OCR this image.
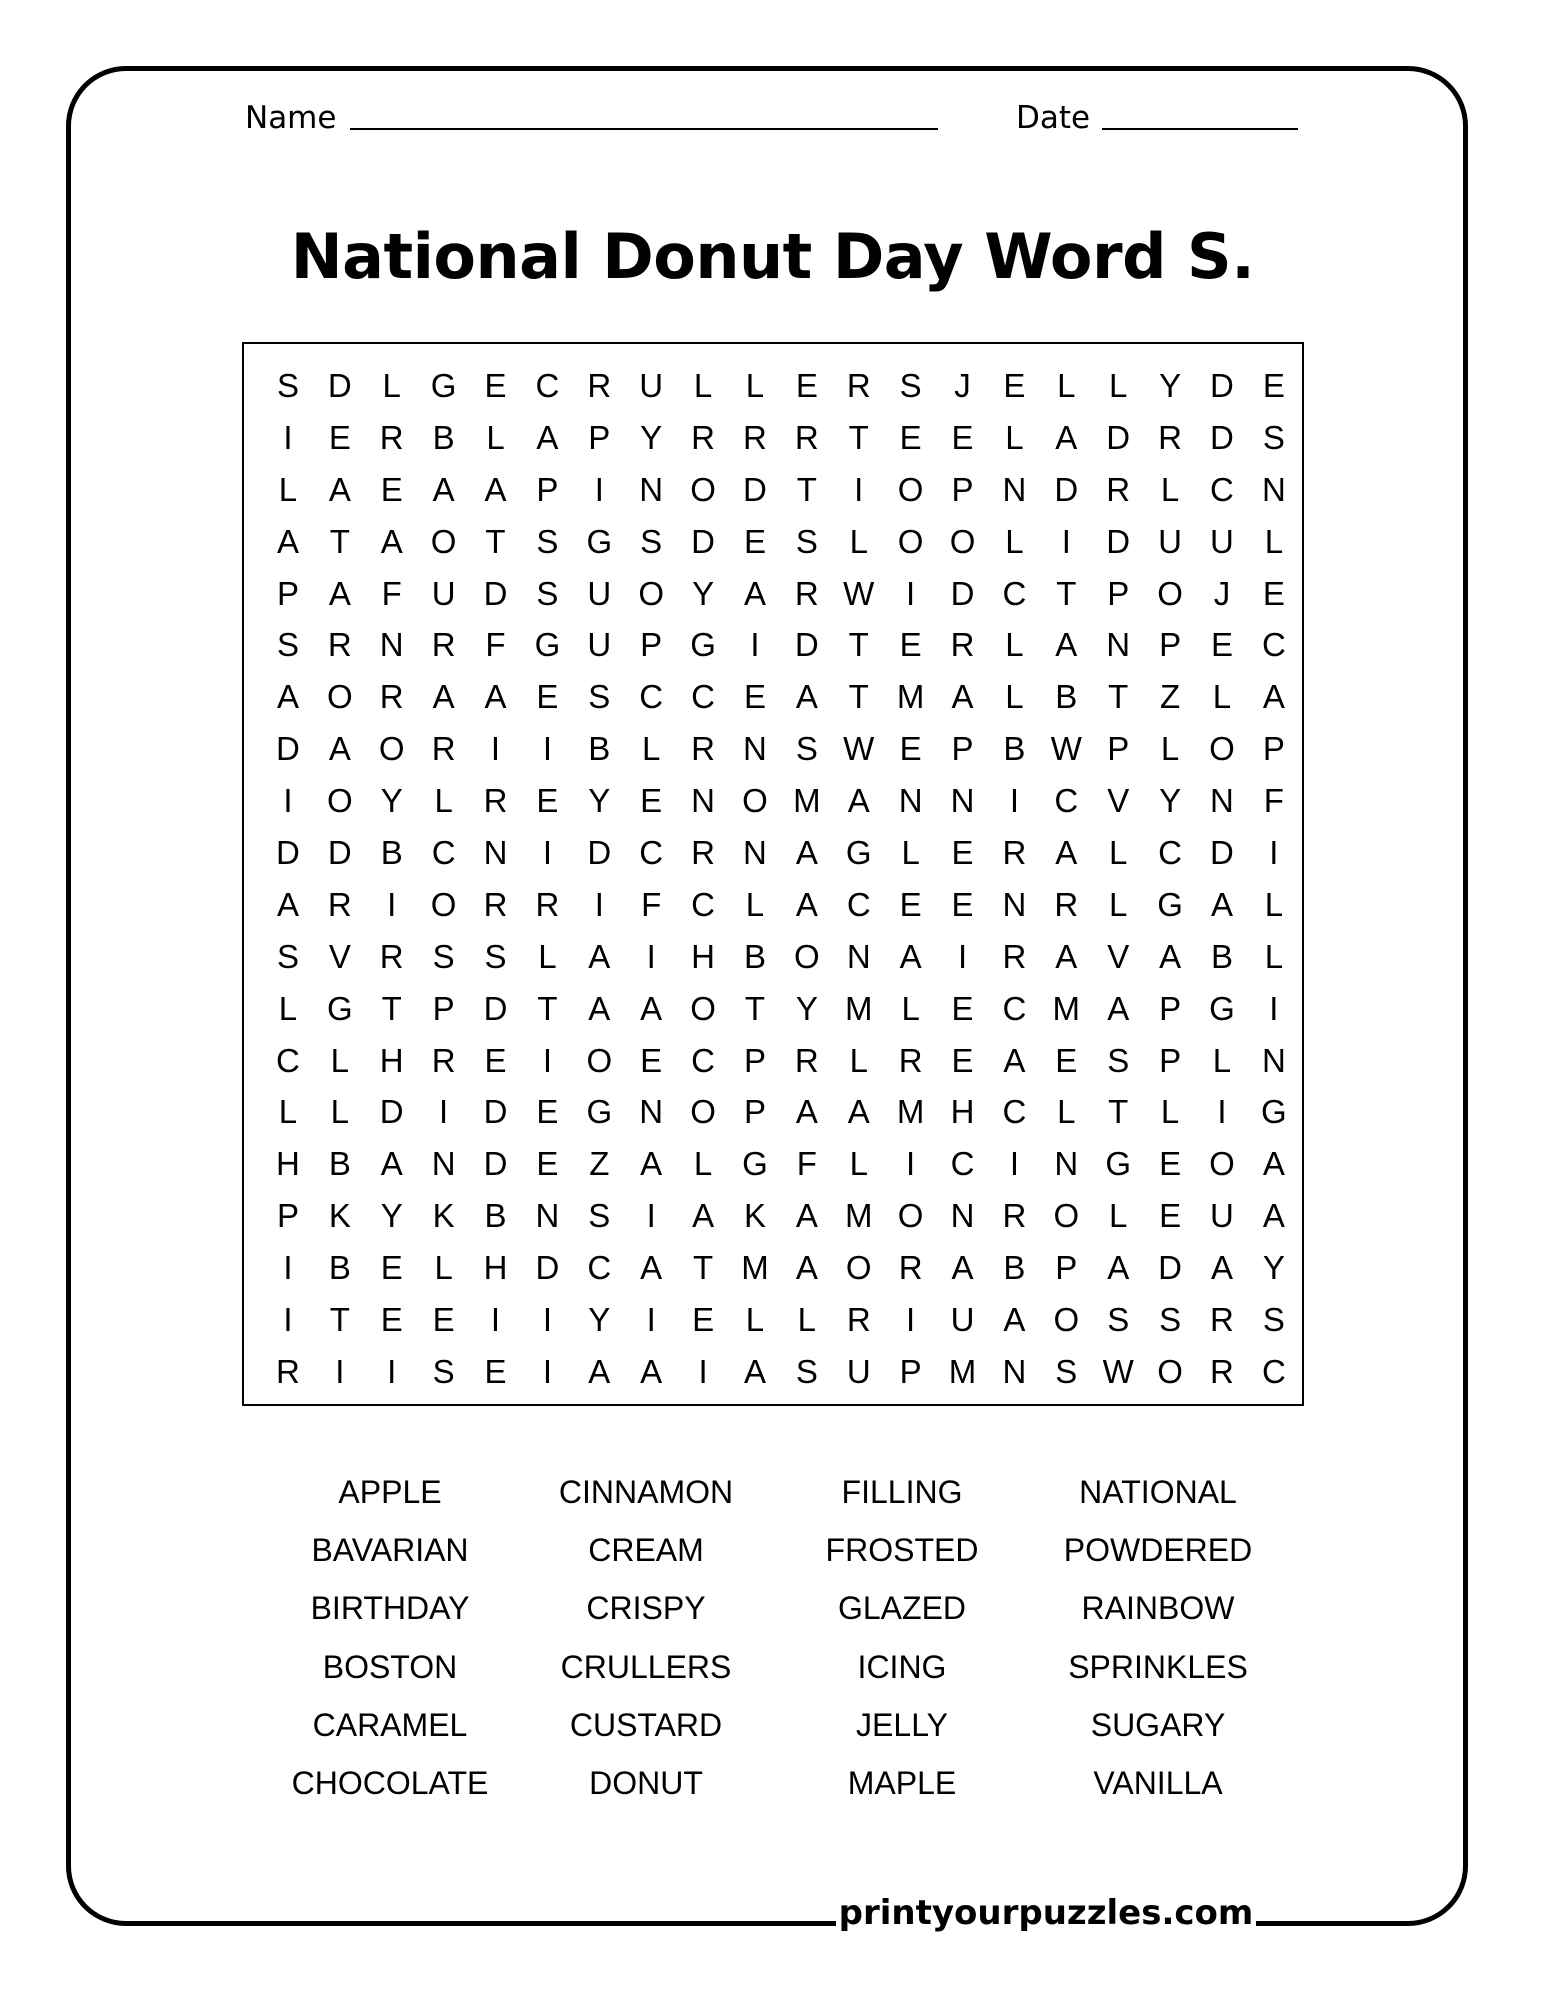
Name	Date
National Donut Day Word S.
S D L G E C R U L	L E R S J E L	L Y D E
I	E R B L A P Y R R R T E E L A D R D S
L A E A A P	I	N O D T	I	O P N D R L C N
A T A O T S G S D E S L O O L	I	D U U L
P A F U D S U O Y A R W I	D C T P O J E
S R N R F G U P G	I	D T E R L A N P E C
A O R A A E S C C E A T M A L B T Z L A
D A O R	I	I	B L R N S W E P B W P L O P
I	O Y L R E Y E N O M A N N	I	C V Y N F
D D B C N	I	D C R N A G L E R A L C D	I
A R	I	O R R	I	F C L A C E E N R L G A L
S V R S S L A	I	H B O N A	I	R A V A B L
L G T P D T A A O T Y M L E C M A P G	I
C L H R E	I	O E C P R L R E A E S P L N
L	L D	I	D E G N O P A A M H C L T L	I	G
H B A N D E Z A L G F L	I	C	I	N G E O A
P K Y K B N S	I	A K A M O N R O L E U A
I	B E L H D C A T M A O R A B P A D A Y
I	T E E	I	I	Y	I	E L	L R	I	U A O S S R S
R	I	I	S E	I	A A	I	A S U P M N S W O R C
APPLE	CINNAMON	FILLING	NATIONAL
BAVARIAN	CREAM	FROSTED	POWDERED
BIRTHDAY	CRISPY	GLAZED	RAINBOW
BOSTON	CRULLERS	ICING	SPRINKLES
CARAMEL	CUSTARD	JELLY	SUGARY
CHOCOLATE	DONUT	MAPLE	VANILLA
printyourpuzzles.com
